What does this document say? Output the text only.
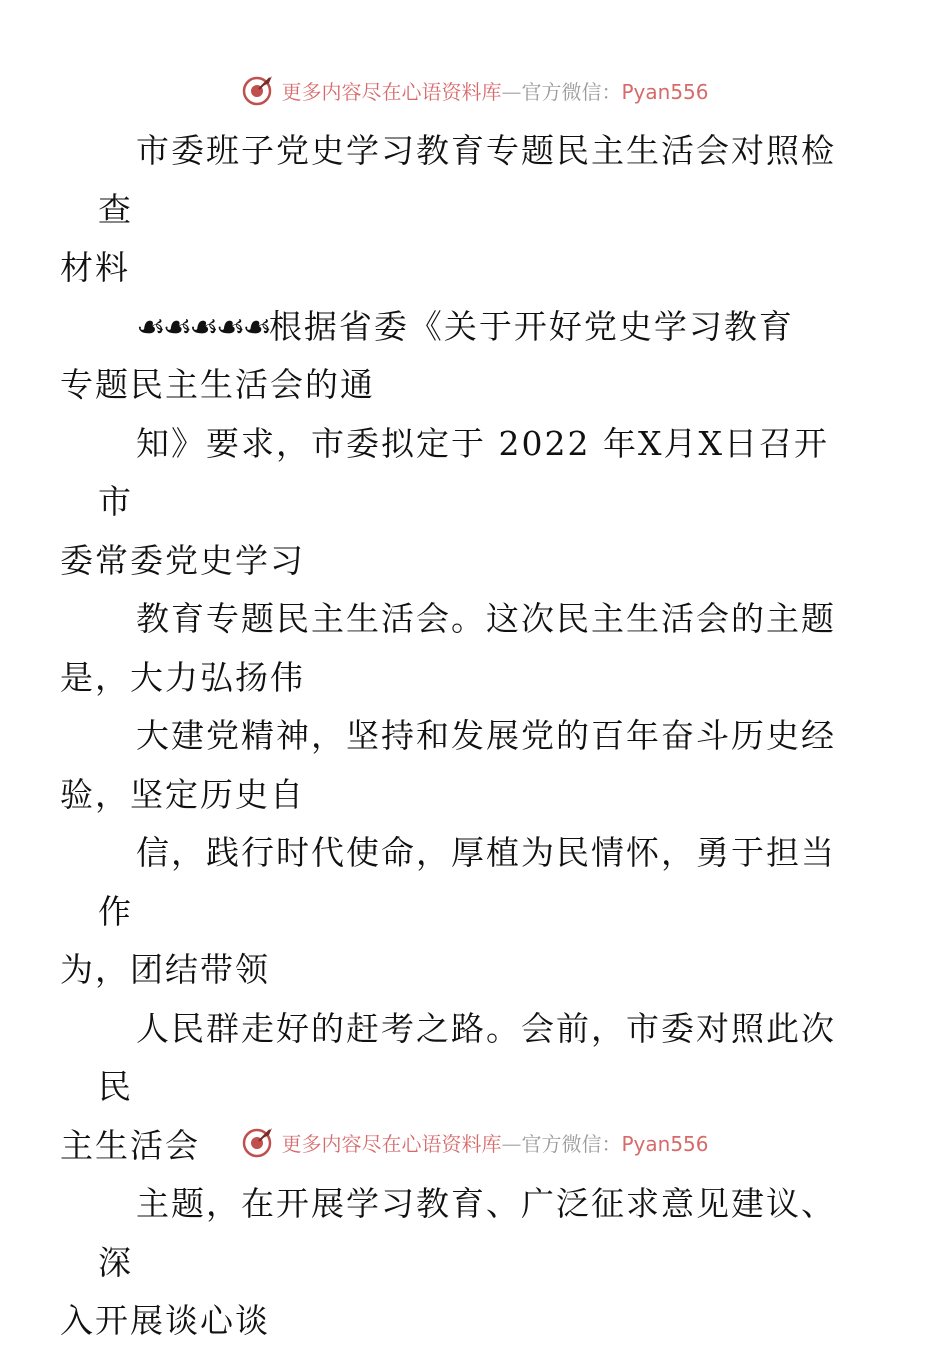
更多内容尽在心语资料库—官方微信：Pyan556

市委班子党史学习教育专题民主生活会对照检查
材料

☙☙☙☙☙根据省委《关于开好党史学习教育
专题民主生活会的通

知》要求，市委拟定于 2022 年X月X日召开市
委常委党史学习

教育专题民主生活会。这次民主生活会的主题
是，大力弘扬伟

大建党精神，坚持和发展党的百年奋斗历史经
验，坚定历史自

信，践行时代使命，厚植为民情怀，勇于担当作
为，团结带领

人民群走好的赶考之路。会前，市委对照此次民
主生活会

主题，在开展学习教育、广泛征求意见建议、深
入开展谈心谈

更多内容尽在心语资料库—官方微信：Pyan556
